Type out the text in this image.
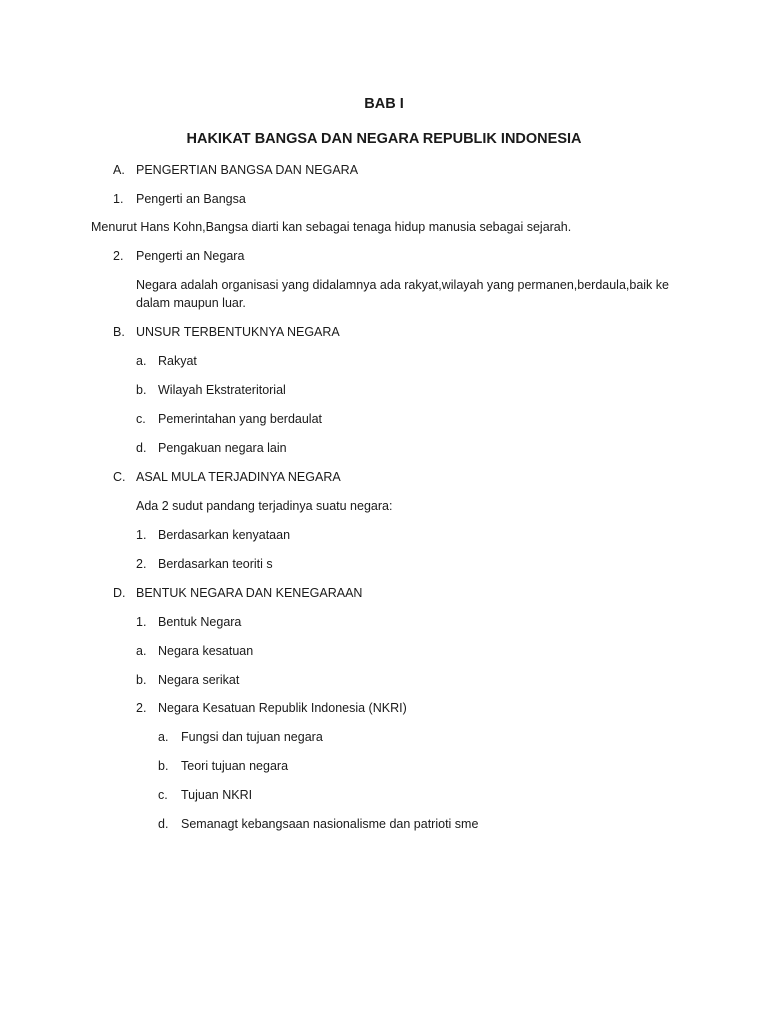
BAB I
HAKIKAT BANGSA DAN NEGARA REPUBLIK INDONESIA
A. PENGERTIAN BANGSA DAN NEGARA
1. Pengerti an Bangsa
Menurut Hans Kohn,Bangsa diarti kan sebagai tenaga hidup manusia sebagai sejarah.
2. Pengerti an Negara
Negara adalah organisasi yang didalamnya ada rakyat,wilayah yang permanen,berdaula,baik ke
dalam maupun luar.
B. UNSUR TERBENTUKNYA NEGARA
a. Rakyat
b. Wilayah Ekstrateritorial
c. Pemerintahan yang berdaulat
d. Pengakuan negara lain
C. ASAL MULA TERJADINYA NEGARA
Ada 2 sudut pandang terjadinya suatu negara:
1. Berdasarkan kenyataan
2. Berdasarkan teoriti s
D. BENTUK NEGARA DAN KENEGARAAN
1. Bentuk Negara
a. Negara kesatuan
b. Negara serikat
2. Negara Kesatuan Republik Indonesia (NKRI)
a. Fungsi dan tujuan negara
b. Teori tujuan negara
c. Tujuan NKRI
d. Semanagt kebangsaan nasionalisme dan patrioti sme
